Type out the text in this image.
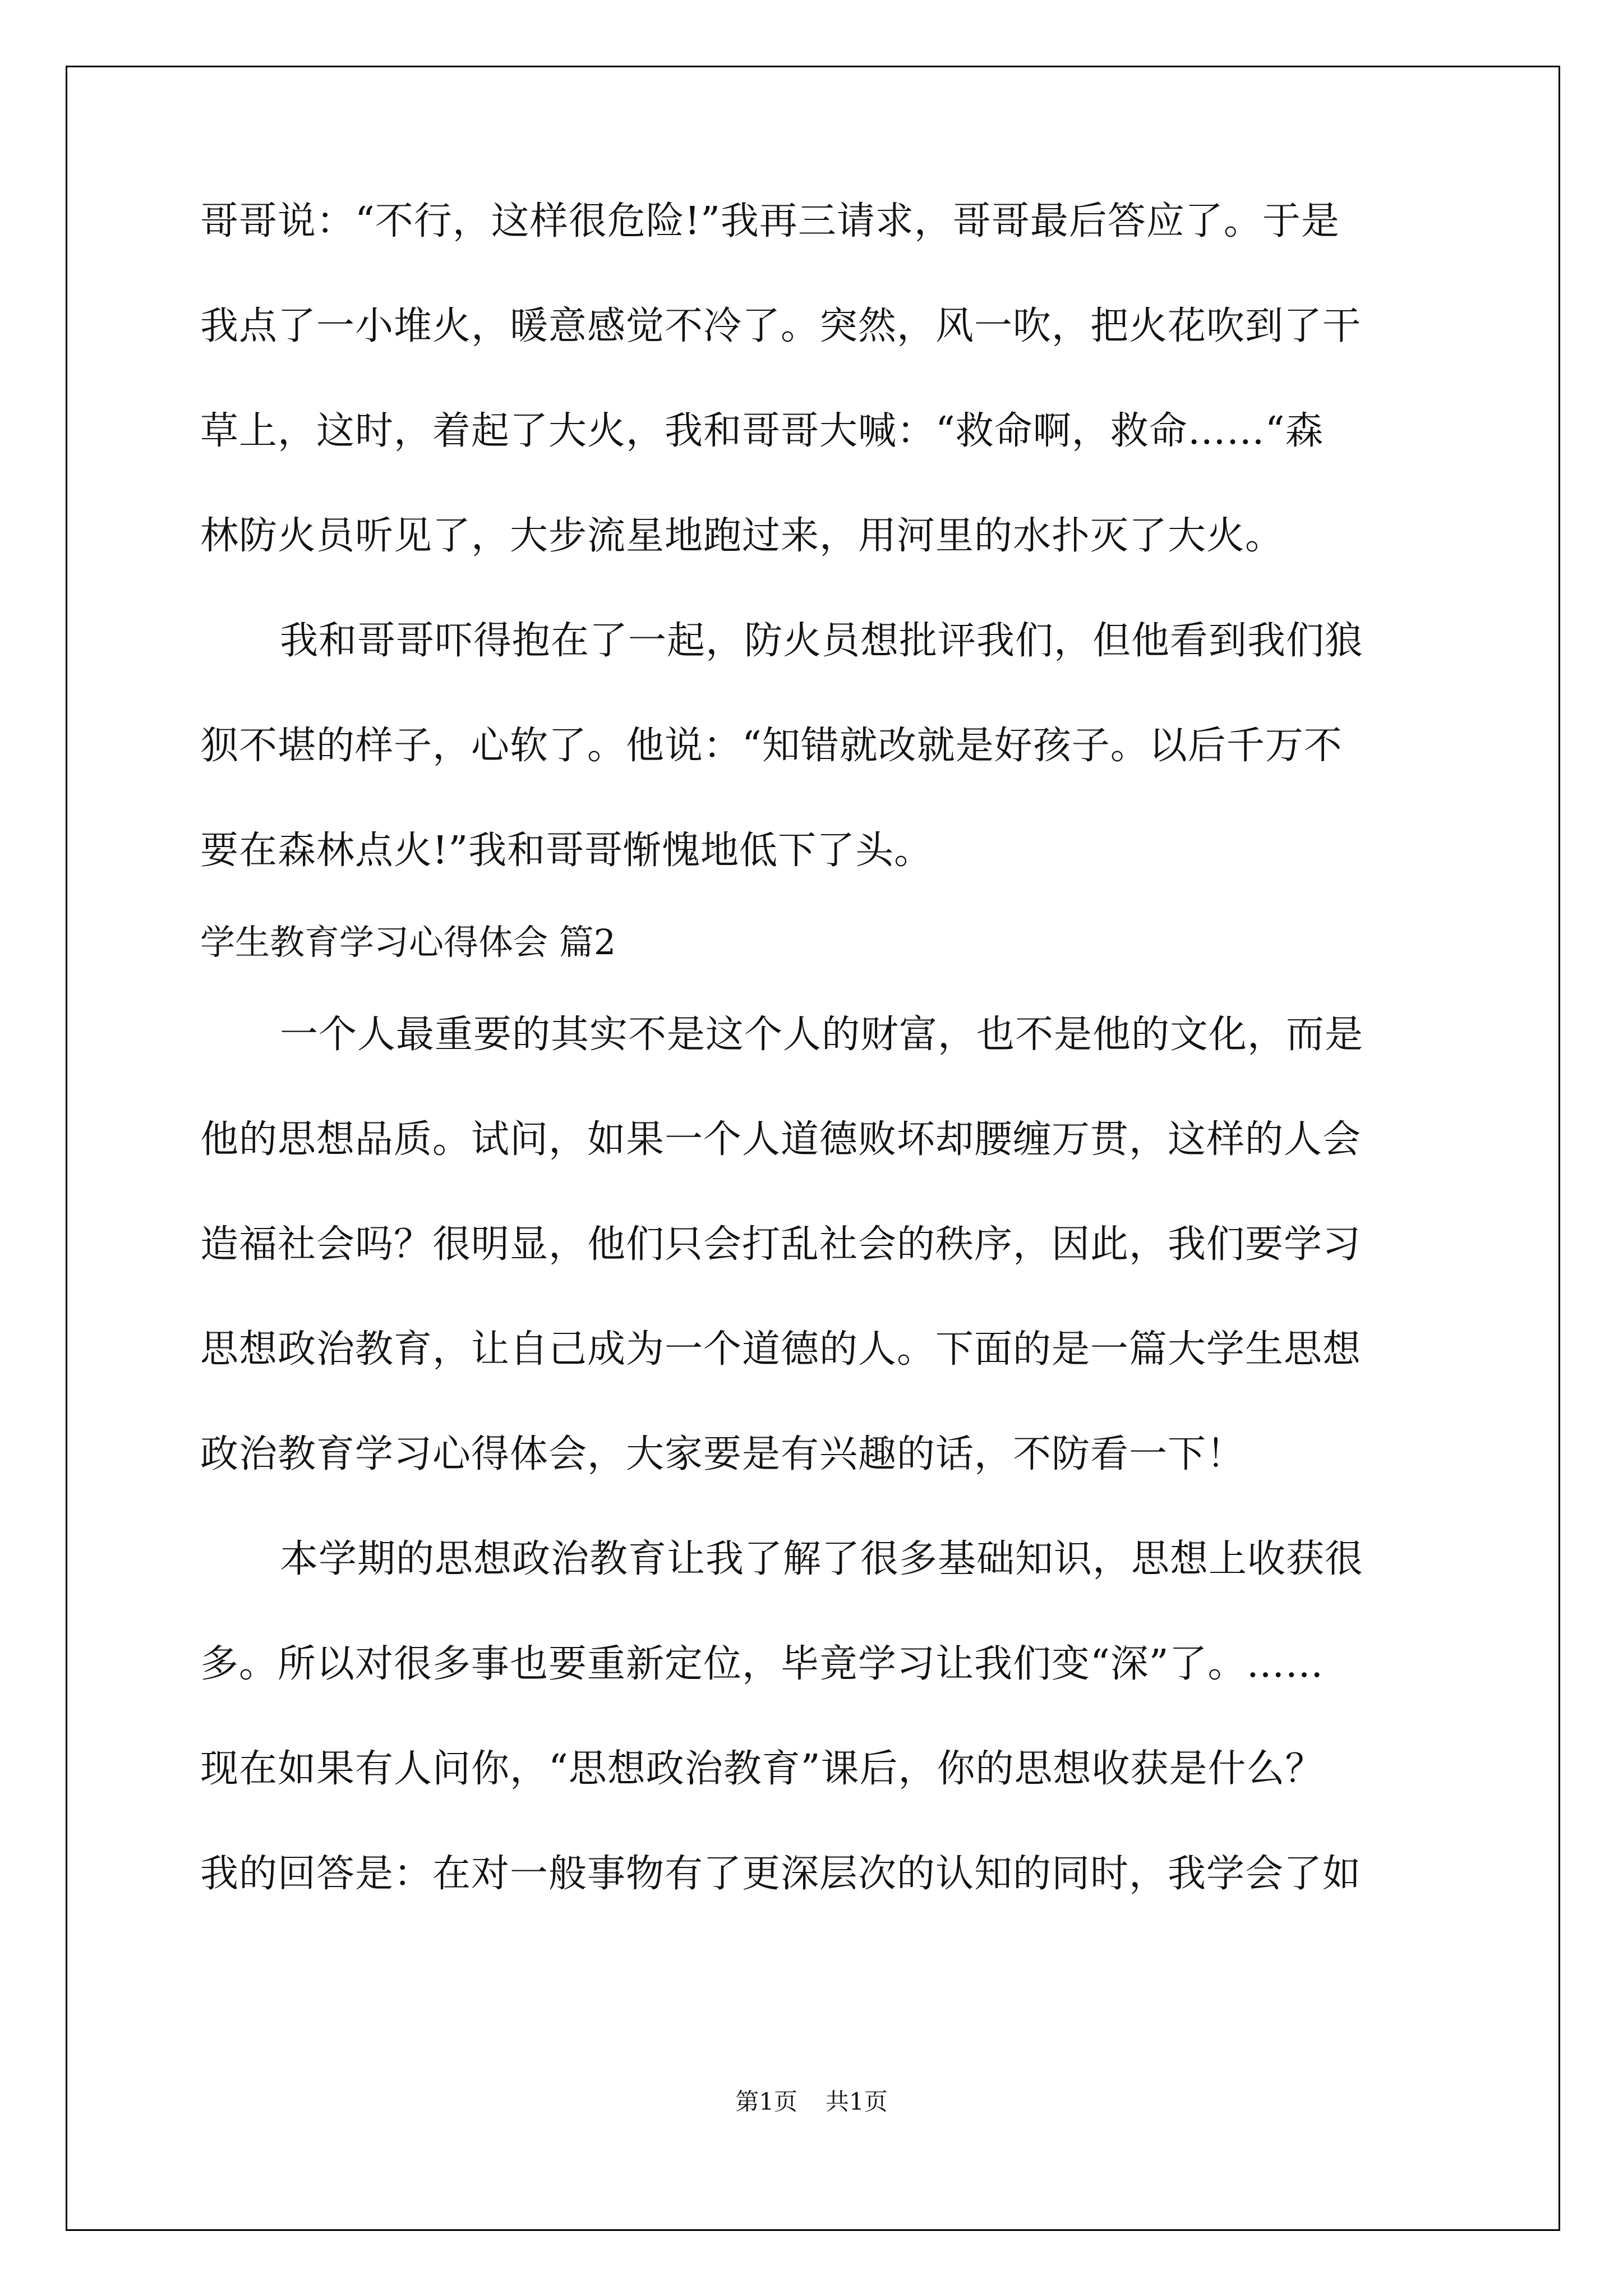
哥哥说：“不行，这样很危险!”我再三请求，哥哥最后答应了。于是
我点了一小堆火，暖意感觉不冷了。突然，风一吹，把火花吹到了干
草上，这时，着起了大火，我和哥哥大喊：“救命啊，救命……“森
林防火员听见了，大步流星地跑过来，用河里的水扑灭了大火。
我和哥哥吓得抱在了一起，防火员想批评我们，但他看到我们狼
狈不堪的样子，心软了。他说：“知错就改就是好孩子。以后千万不
要在森林点火!”我和哥哥惭愧地低下了头。
学生教育学习心得体会 篇2
一个人最重要的其实不是这个人的财富，也不是他的文化，而是
他的思想品质。试问，如果一个人道德败坏却腰缠万贯，这样的人会
造福社会吗？很明显，他们只会打乱社会的秩序，因此，我们要学习
思想政治教育，让自己成为一个道德的人。下面的是一篇大学生思想
政治教育学习心得体会，大家要是有兴趣的话，不防看一下！
本学期的思想政治教育让我了解了很多基础知识，思想上收获很
多。所以对很多事也要重新定位，毕竟学习让我们变“深”了。……
现在如果有人问你，“思想政治教育”课后，你的思想收获是什么？
我的回答是：在对一般事物有了更深层次的认知的同时，我学会了如
第1页 共1页
